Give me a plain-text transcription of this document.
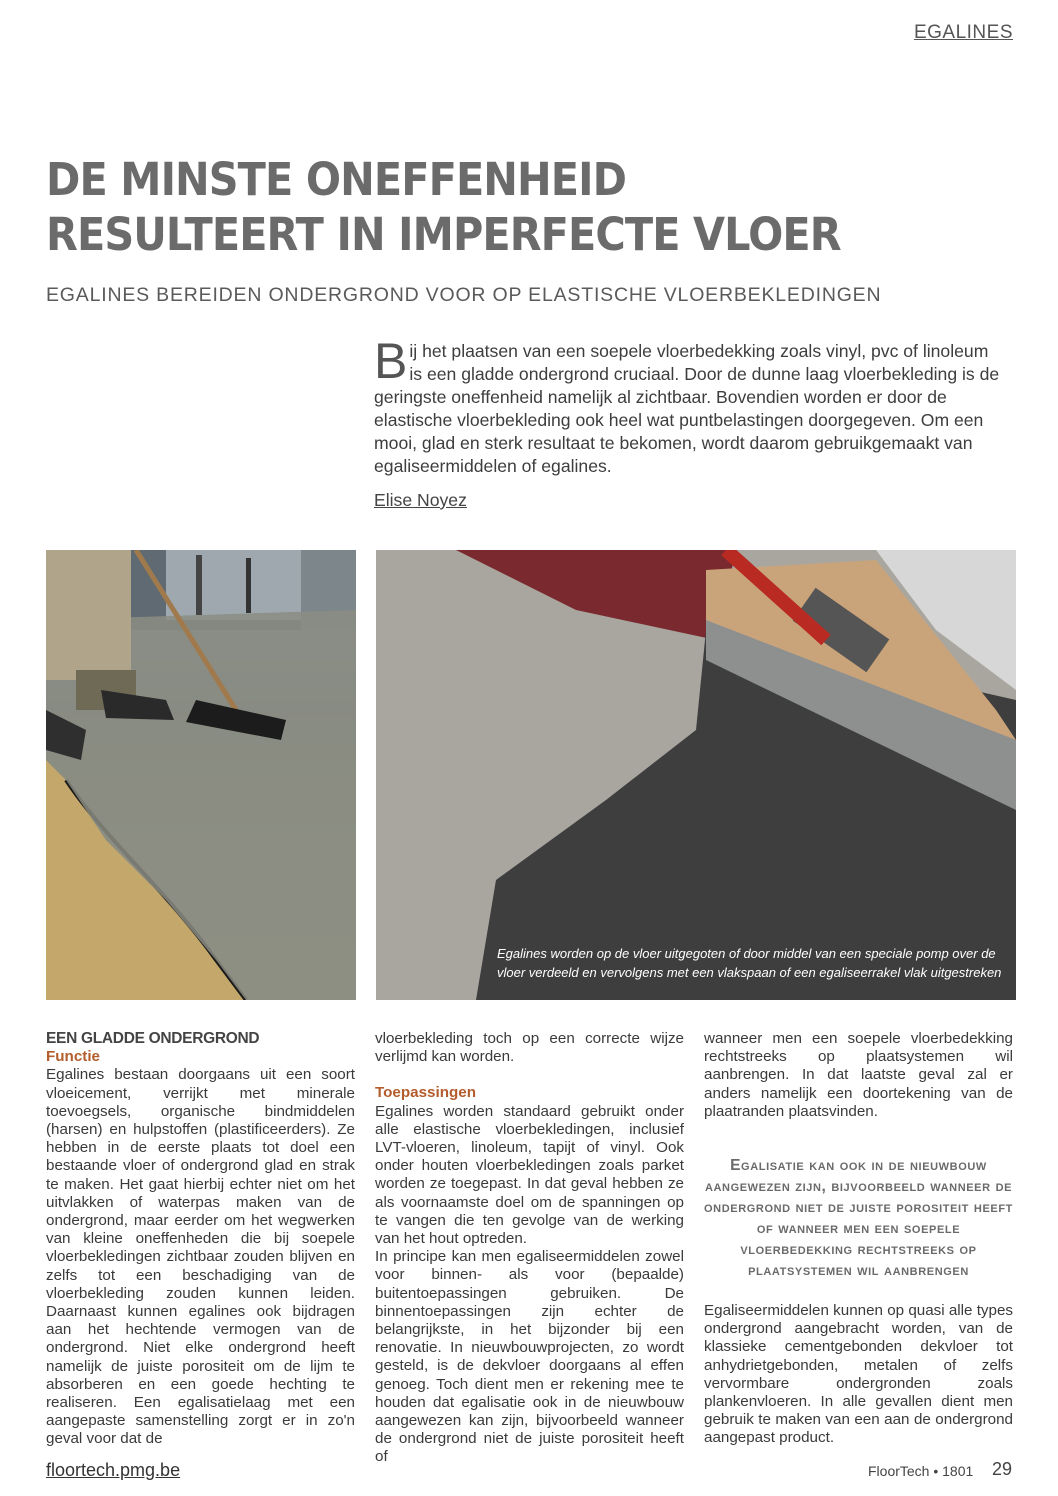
EGALINES
DE MINSTE ONEFFENHEID
RESULTEERT IN IMPERFECTE VLOER
EGALINES BEREIDEN ONDERGROND VOOR OP ELASTISCHE VLOERBEKLEDINGEN
Bij het plaatsen van een soepele vloerbedekking zoals vinyl, pvc of linoleum is een gladde ondergrond cruciaal. Door de dunne laag vloerbekleding is de geringste oneffenheid namelijk al zichtbaar. Bovendien worden er door de elastische vloerbekleding ook heel wat puntbelastingen doorgegeven. Om een mooi, glad en sterk resultaat te bekomen, wordt daarom gebruikgemaakt van egaliseermiddelen of egalines.
Elise Noyez
Egalines worden op de vloer uitgegoten of door middel van een speciale pomp over de vloer verdeeld en vervolgens met een vlakspaan of een egaliseerrakel vlak uitgestreken

EEN GLADDE ONDERGROND

Functie

Egalines bestaan doorgaans uit een soort vloeicement, verrijkt met minerale toevoegsels, organische bindmiddelen (harsen) en hulpstoffen (plastificeerders). Ze hebben in de eerste plaats tot doel een bestaande vloer of ondergrond glad en strak te maken. Het gaat hierbij echter niet om het uitvlakken of waterpas maken van de ondergrond, maar eerder om het wegwerken van kleine oneffenheden die bij soepele vloerbekledingen zichtbaar zouden blijven en zelfs tot een beschadiging van de vloerbekleding zouden kunnen leiden. Daarnaast kunnen egalines ook bijdragen aan het hechtende vermogen van de ondergrond. Niet elke ondergrond heeft namelijk de juiste porositeit om de lijm te absorberen en een goede hechting te realiseren. Een egalisatielaag met een aangepaste samenstelling zorgt er in zo'n geval voor dat de

vloerbekleding toch op een correcte wijze verlijmd kan worden.

Toepassingen

Egalines worden standaard gebruikt onder alle elastische vloerbekledingen, inclusief LVT-vloeren, linoleum, tapijt of vinyl. Ook onder houten vloerbekledingen zoals parket worden ze toegepast. In dat geval hebben ze als voornaamste doel om de spanningen op te vangen die ten gevolge van de werking van het hout optreden.

In principe kan men egaliseermiddelen zowel voor binnen- als voor (bepaalde) buitentoepassingen gebruiken. De binnentoepassingen zijn echter de belangrijkste, in het bijzonder bij een renovatie. In nieuwbouwprojecten, zo wordt gesteld, is de dekvloer doorgaans al effen genoeg. Toch dient men er rekening mee te houden dat egalisatie ook in de nieuwbouw aangewezen kan zijn, bijvoorbeeld wanneer de ondergrond niet de juiste porositeit heeft of

wanneer men een soepele vloerbedekking rechtstreeks op plaatsystemen wil aanbrengen. In dat laatste geval zal er anders namelijk een doortekening van de plaatranden plaatsvinden.

Egalisatie kan ook in de nieuwbouw aangewezen zijn, bijvoorbeeld wanneer de ondergrond niet de juiste porositeit heeft of wanneer men een soepele vloerbedekking rechtstreeks op plaatsystemen wil aanbrengen

Egaliseermiddelen kunnen op quasi alle types ondergrond aangebracht worden, van de klassieke cementgebonden dekvloer tot anhydrietgebonden, metalen of zelfs vervormbare ondergronden zoals plankenvloeren. In alle gevallen dient men gebruik te maken van een aan de ondergrond aangepast product.

floortech.pmg.be	FloorTech • 1801 29
